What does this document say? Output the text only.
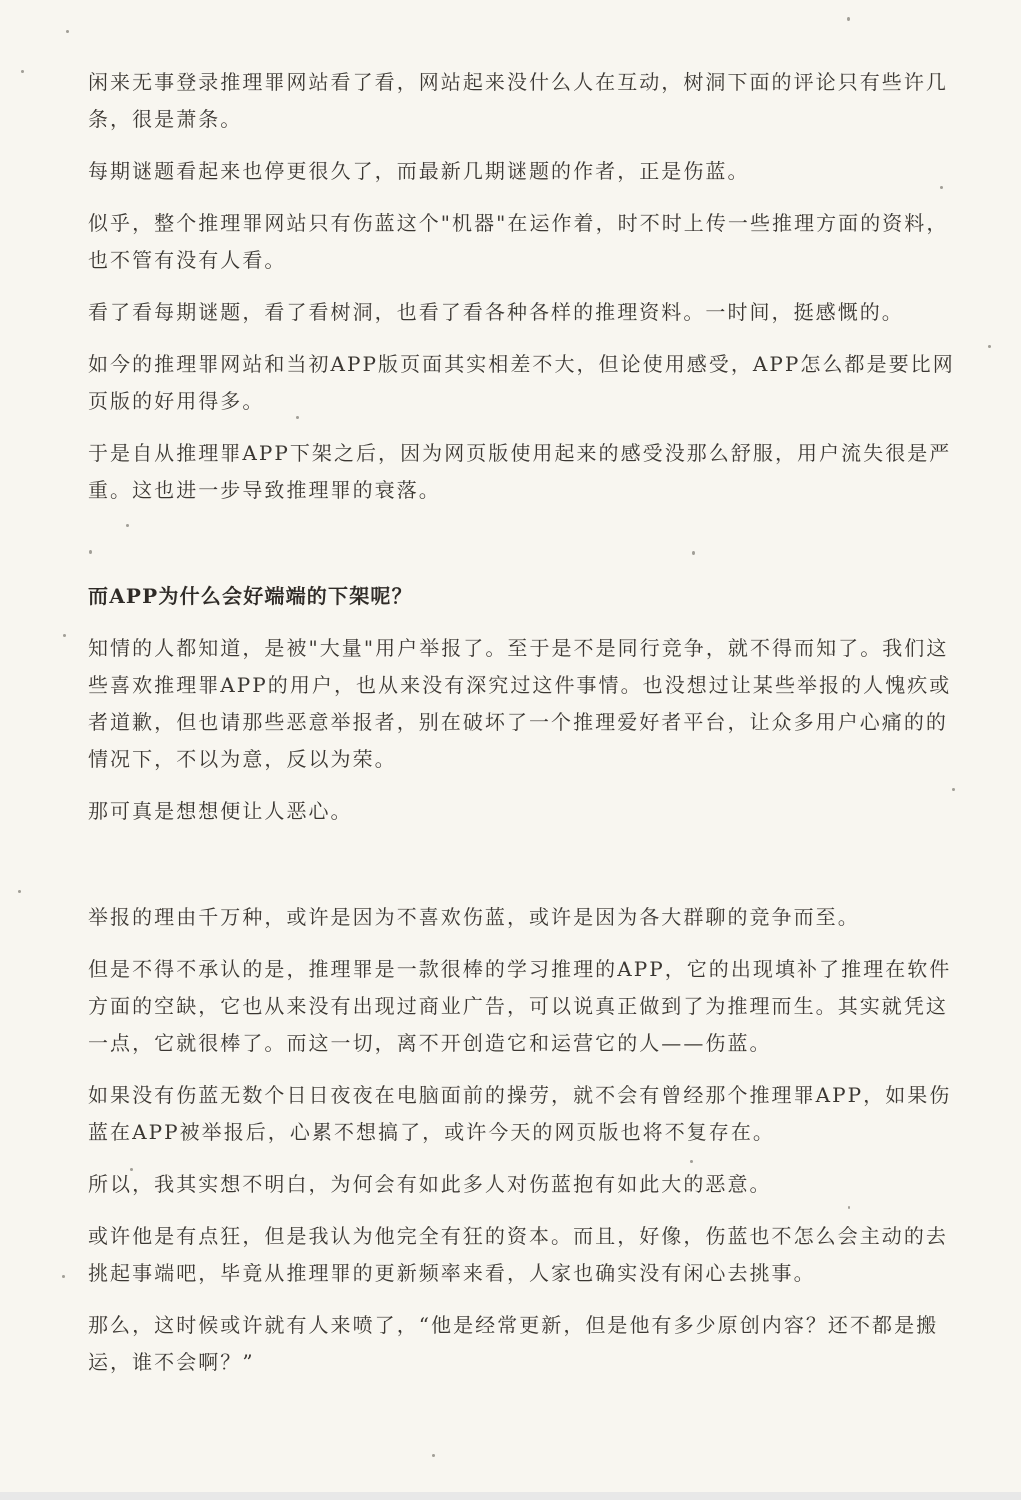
闲来无事登录推理罪网站看了看，网站起来没什么人在互动，树洞下面的评论只有些许几条，很是萧条。

每期谜题看起来也停更很久了，而最新几期谜题的作者，正是伤蓝。

似乎，整个推理罪网站只有伤蓝这个"机器"在运作着，时不时上传一些推理方面的资料，也不管有没有人看。

看了看每期谜题，看了看树洞，也看了看各种各样的推理资料。一时间，挺感慨的。

如今的推理罪网站和当初APP版页面其实相差不大，但论使用感受，APP怎么都是要比网页版的好用得多。

于是自从推理罪APP下架之后，因为网页版使用起来的感受没那么舒服，用户流失很是严重。这也进一步导致推理罪的衰落。

而APP为什么会好端端的下架呢？

知情的人都知道，是被"大量"用户举报了。至于是不是同行竞争，就不得而知了。我们这些喜欢推理罪APP的用户，也从来没有深究过这件事情。也没想过让某些举报的人愧疚或者道歉，但也请那些恶意举报者，别在破坏了一个推理爱好者平台，让众多用户心痛的的情况下，不以为意，反以为荣。

那可真是想想便让人恶心。

举报的理由千万种，或许是因为不喜欢伤蓝，或许是因为各大群聊的竞争而至。

但是不得不承认的是，推理罪是一款很棒的学习推理的APP，它的出现填补了推理在软件方面的空缺，它也从来没有出现过商业广告，可以说真正做到了为推理而生。其实就凭这一点，它就很棒了。而这一切，离不开创造它和运营它的人——伤蓝。

如果没有伤蓝无数个日日夜夜在电脑面前的操劳，就不会有曾经那个推理罪APP，如果伤蓝在APP被举报后，心累不想搞了，或许今天的网页版也将不复存在。

所以，我其实想不明白，为何会有如此多人对伤蓝抱有如此大的恶意。

或许他是有点狂，但是我认为他完全有狂的资本。而且，好像，伤蓝也不怎么会主动的去挑起事端吧，毕竟从推理罪的更新频率来看，人家也确实没有闲心去挑事。

那么，这时候或许就有人来喷了，“他是经常更新，但是他有多少原创内容？还不都是搬运，谁不会啊？”
